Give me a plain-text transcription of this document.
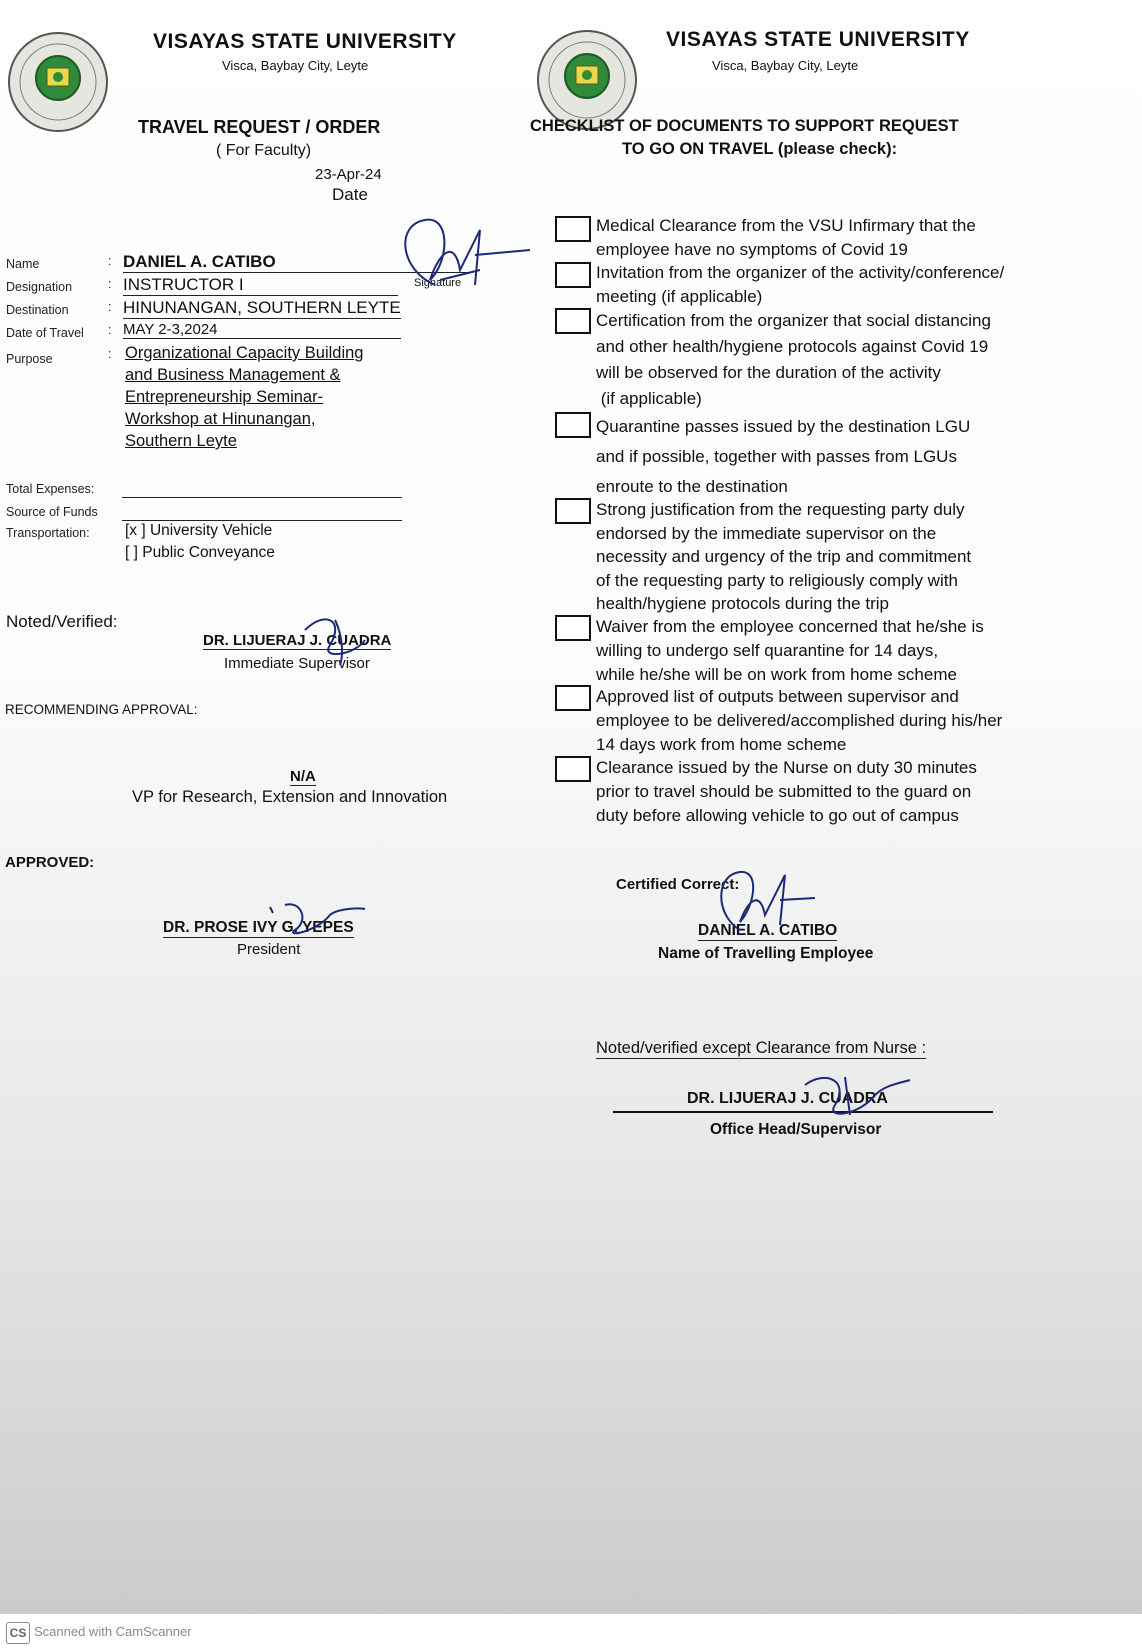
VISAYAS STATE UNIVERSITY
Visca, Baybay City, Leyte
TRAVEL REQUEST / ORDER
( For Faculty)
23-Apr-24
Date
Name	: DANIEL A. CATIBO
Designation	: INSTRUCTOR I	Signature
Destination	: HINUNANGAN, SOUTHERN LEYTE
Date of Travel : MAY 2-3,2024
Purpose	: Organizational Capacity Building
and Business Management &
Entrepreneurship Seminar-
Workshop at Hinunangan,
Southern Leyte
Total Expenses:
Source of Funds
Transportation: [x ] University Vehicle
[ ] Public Conveyance
Noted/Verified:
DR. LIJUERAJ J. CUADRA
Immediate Supervisor
RECOMMENDING APPROVAL:
N/A
VP for Research, Extension and Innovation
APPROVED:
DR. PROSE IVY G. YEPES
President
VISAYAS STATE UNIVERSITY
Visca, Baybay City, Leyte
CHECKLIST OF DOCUMENTS TO SUPPORT REQUEST
TO GO ON TRAVEL (please check):
Medical Clearance from the VSU Infirmary that the
employee have no symptoms of Covid 19
Invitation from the organizer of the activity/conference/
meeting (if applicable)
Certification from the organizer that social distancing
and other health/hygiene protocols against Covid 19
will be observed for the duration of the activity
(if applicable)
Quarantine passes issued by the destination LGU
and if possible, together with passes from LGUs
enroute to the destination
Strong justification from the requesting party duly
endorsed by the immediate supervisor on the
necessity and urgency of the trip and commitment
of the requesting party to religiously comply with
health/hygiene protocols during the trip
Waiver from the employee concerned that he/she is
willing to undergo self quarantine for 14 days,
while he/she will be on work from home scheme
Approved list of outputs between supervisor and
employee to be delivered/accomplished during his/her
14 days work from home scheme
Clearance issued by the Nurse on duty 30 minutes
prior to travel should be submitted to the guard on
duty before allowing vehicle to go out of campus
Certified Correct:
DANIEL A. CATIBO
Name of Travelling Employee
Noted/verified except Clearance from Nurse :
DR. LIJUERAJ J. CUADRA
Office Head/Supervisor
CS Scanned with CamScanner
